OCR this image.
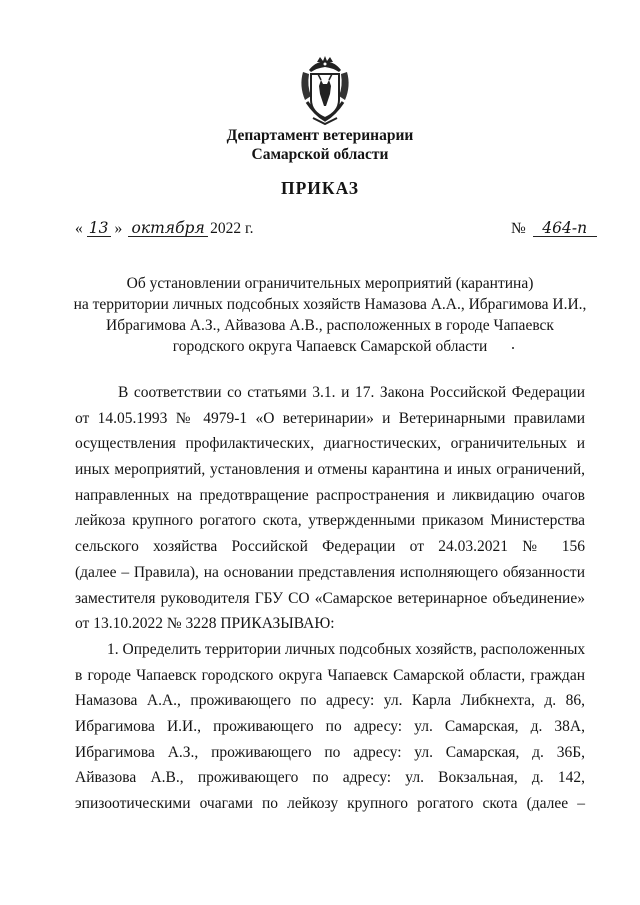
Департамент ветеринарии
Самарской области
ПРИКАЗ
« 13 » октября 2022 г.	№ 464-п
Об установлении ограничительных мероприятий (карантина)
на территории личных подсобных хозяйств Намазова А.А., Ибрагимова И.И.,
Ибрагимова А.З., Айвазова А.В., расположенных в городе Чапаевск
городского округа Чапаевск Самарской области
В соответствии со статьями 3.1. и 17. Закона Российской Федерации
от 14.05.1993 № 4979-1 «О ветеринарии» и Ветеринарными правилами
осуществления профилактических, диагностических, ограничительных и
иных мероприятий, установления и отмены карантина и иных ограничений,
направленных на предотвращение распространения и ликвидацию очагов
лейкоза крупного рогатого скота, утвержденными приказом Министерства
сельского хозяйства Российской Федерации от 24.03.2021 № 156
(далее – Правила), на основании представления исполняющего обязанности
заместителя руководителя ГБУ СО «Самарское ветеринарное объединение»
от 13.10.2022 № 3228 ПРИКАЗЫВАЮ:
1. Определить территории личных подсобных хозяйств, расположенных
в городе Чапаевск городского округа Чапаевск Самарской области, граждан
Намазова А.А., проживающего по адресу: ул. Карла Либкнехта, д. 86,
Ибрагимова И.И., проживающего по адресу: ул. Самарская, д. 38А,
Ибрагимова А.З., проживающего по адресу: ул. Самарская, д. 36Б,
Айвазова А.В., проживающего по адресу: ул. Вокзальная, д. 142,
эпизоотическими очагами по лейкозу крупного рогатого скота (далее –
